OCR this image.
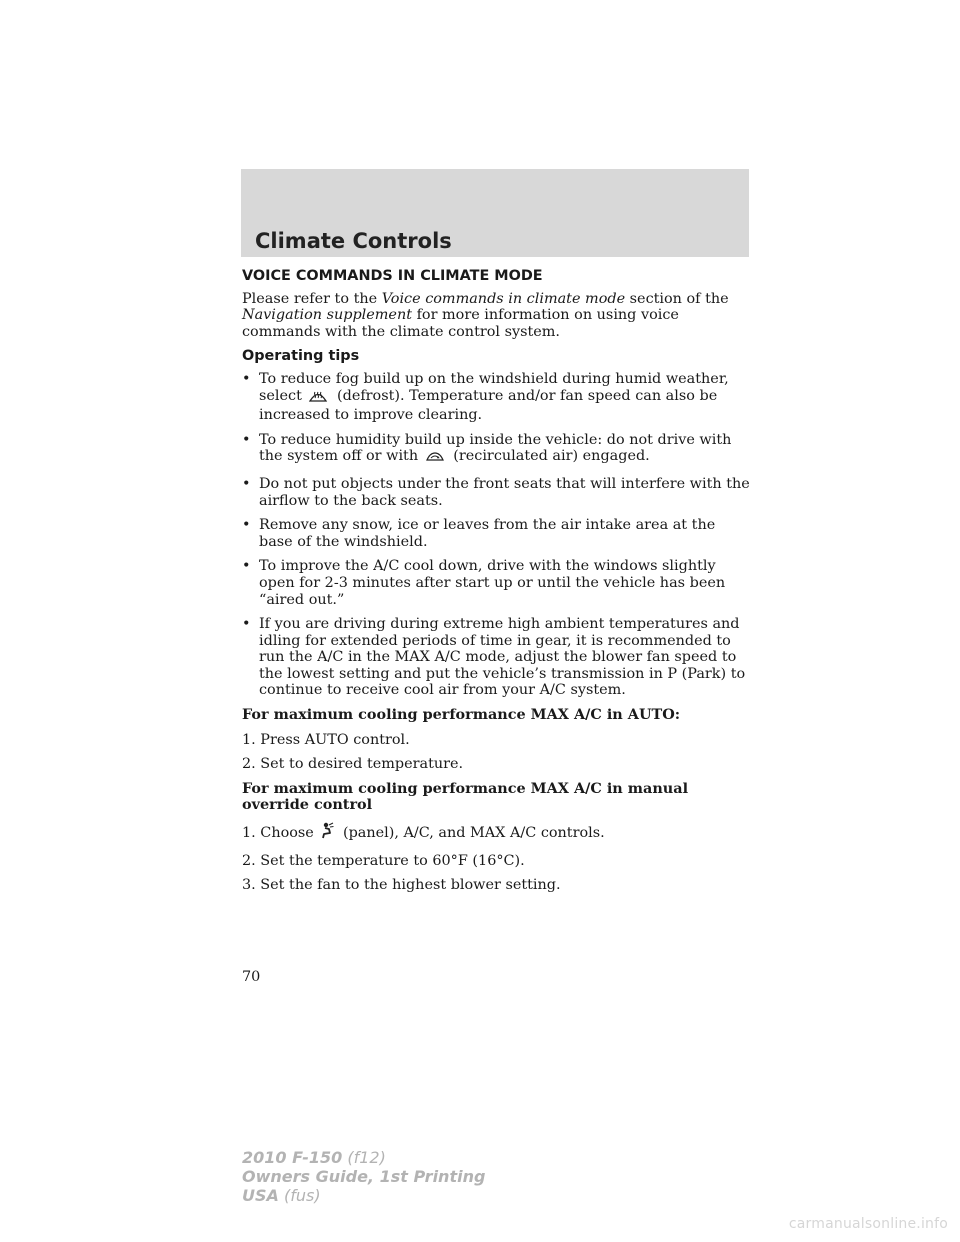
Climate Controls

VOICE COMMANDS IN CLIMATE MODE

Please refer to the Voice commands in climate mode section of the Navigation supplement for more information on using voice commands with the climate control system.

Operating tips

• To reduce fog build up on the windshield during humid weather, select  (defrost). Temperature and/or fan speed can also be increased to improve clearing.
• To reduce humidity build up inside the vehicle: do not drive with the system off or with  (recirculated air) engaged.
• Do not put objects under the front seats that will interfere with the airflow to the back seats.
• Remove any snow, ice or leaves from the air intake area at the base of the windshield.
• To improve the A/C cool down, drive with the windows slightly open for 2-3 minutes after start up or until the vehicle has been “aired out.”
• If you are driving during extreme high ambient temperatures and idling for extended periods of time in gear, it is recommended to run the A/C in the MAX A/C mode, adjust the blower fan speed to the lowest setting and put the vehicle’s transmission in P (Park) to continue to receive cool air from your A/C system.

For maximum cooling performance MAX A/C in AUTO:

1. Press AUTO control.

2. Set to desired temperature.

For maximum cooling performance MAX A/C in manual override control

1. Choose  (panel), A/C, and MAX A/C controls.

2. Set the temperature to 60°F (16°C).

3. Set the fan to the highest blower setting.

70
2010 F-150 (f12)
Owners Guide, 1st Printing
USA (fus)
carmanualsonline.info
